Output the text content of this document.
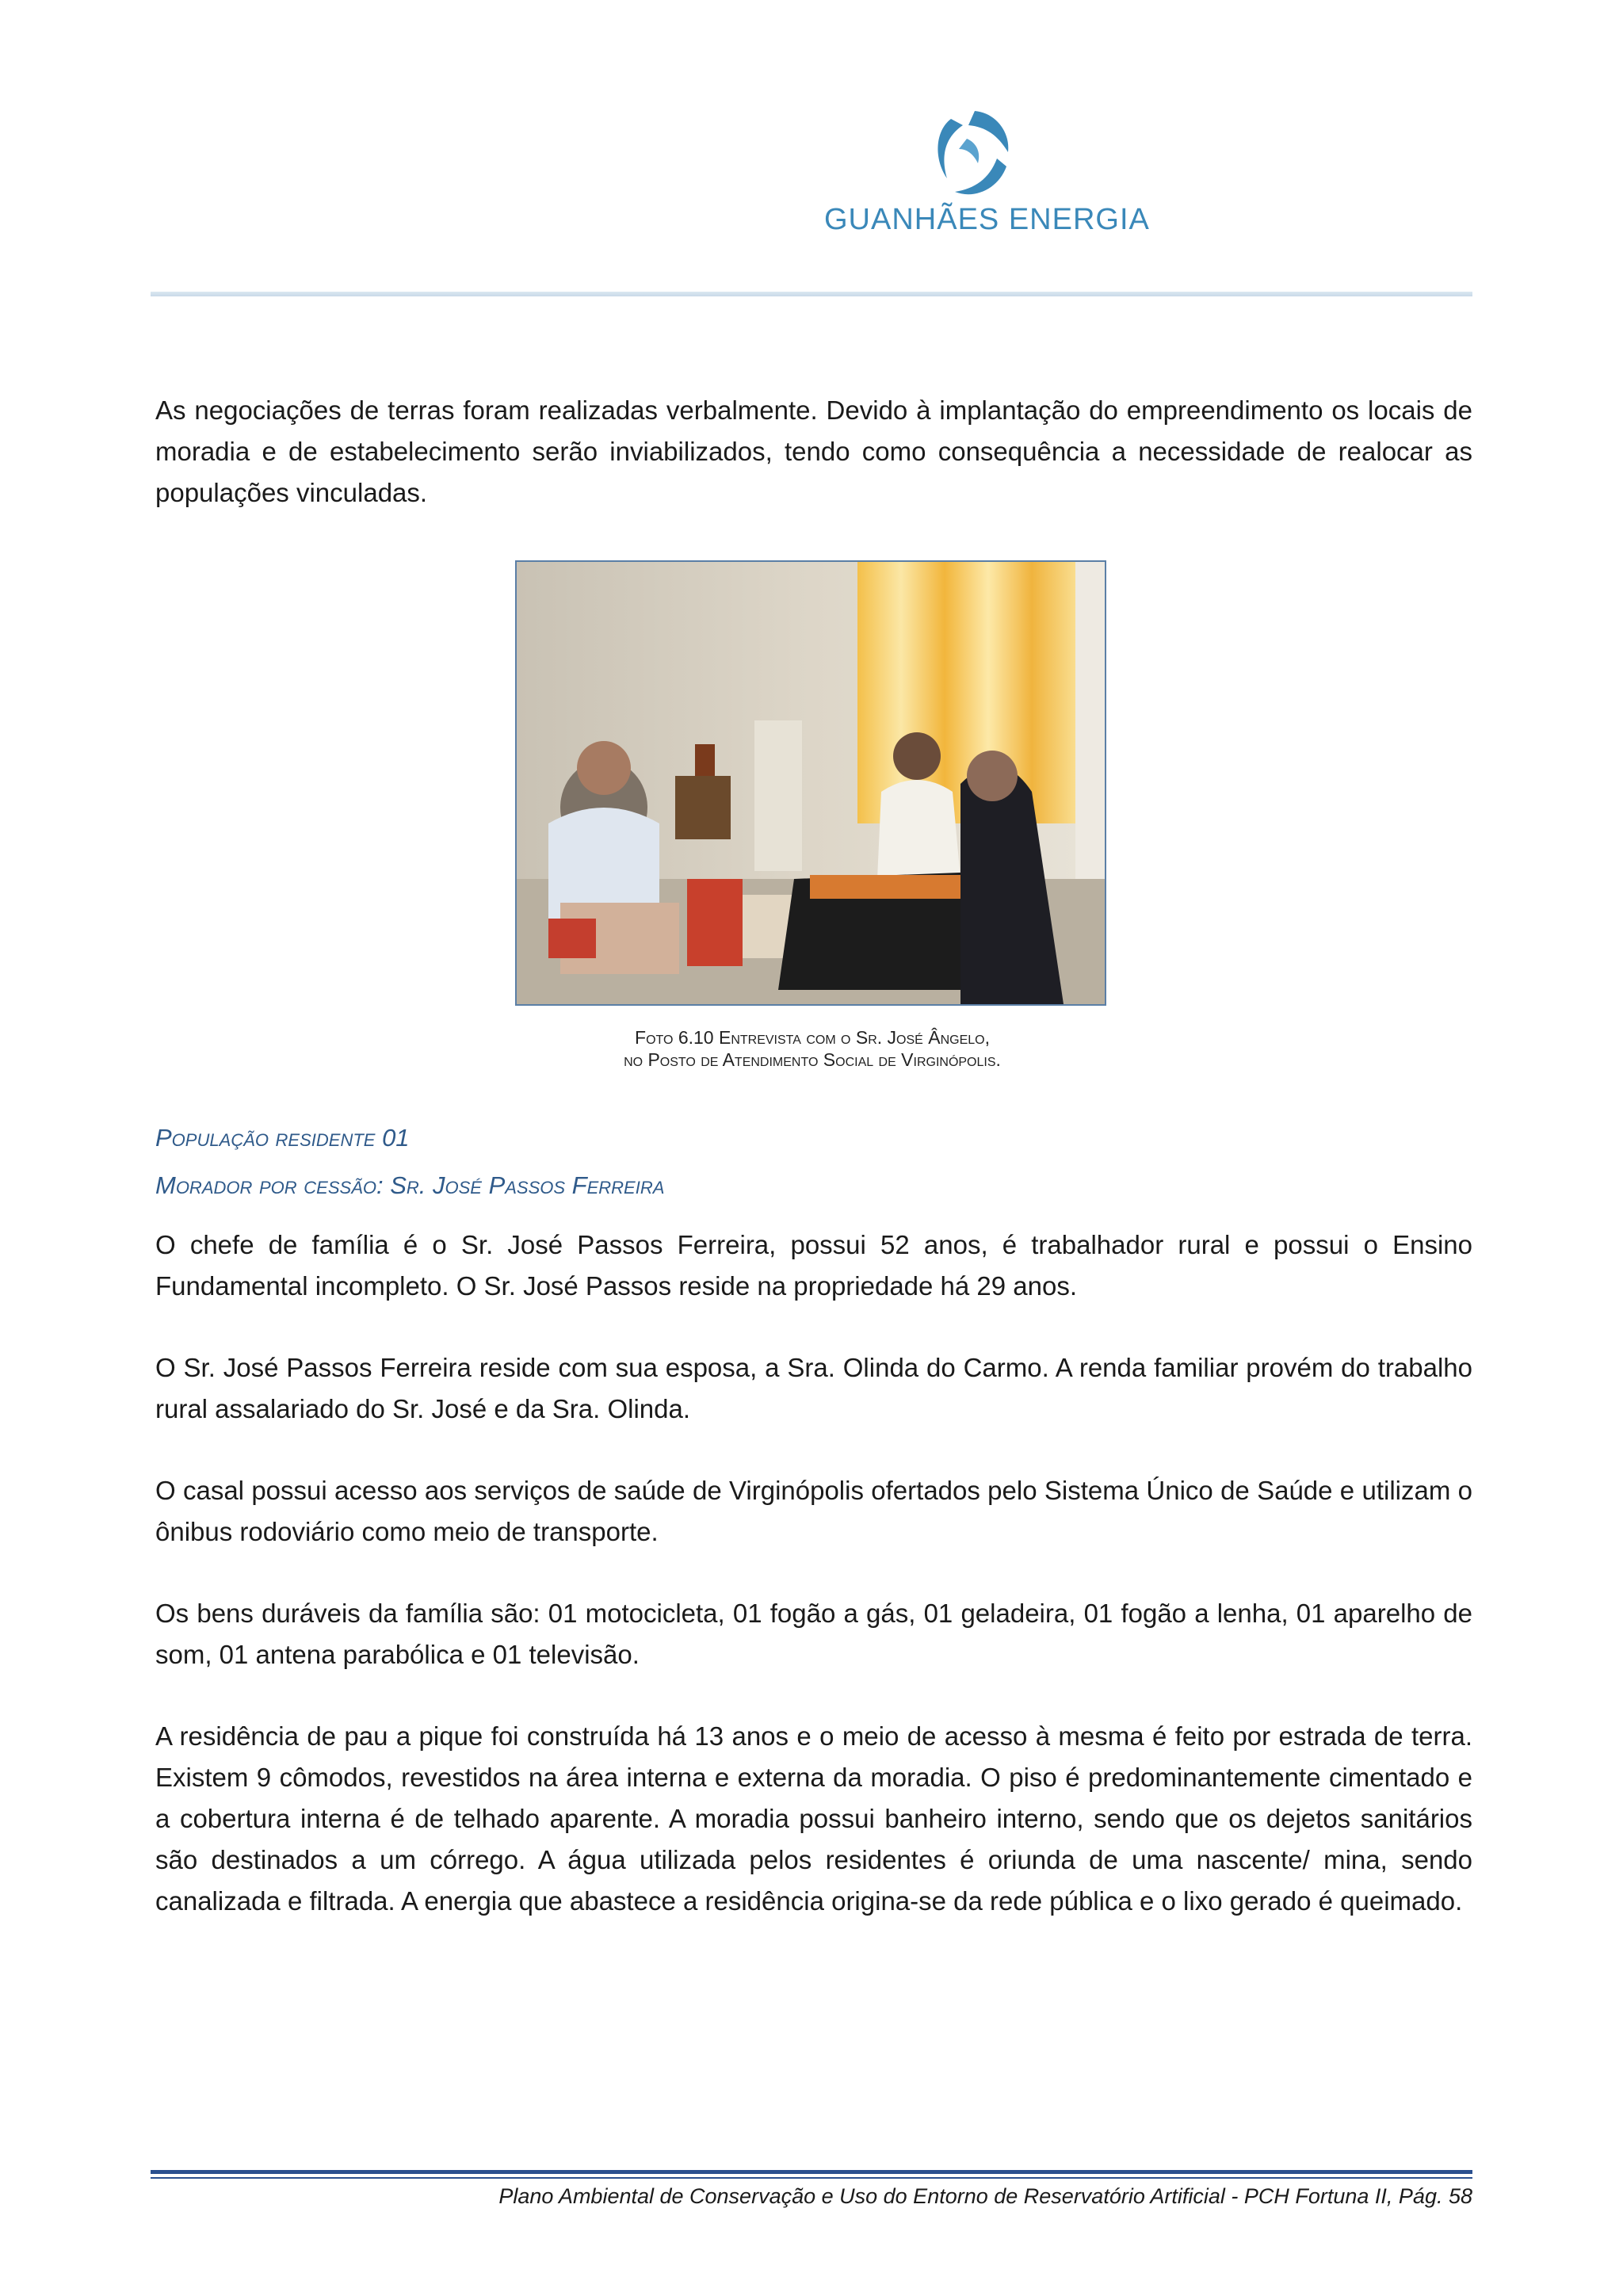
GUANHÃES ENERGIA
As negociações de terras foram realizadas verbalmente. Devido à implantação do empreendimento os locais de moradia e de estabelecimento serão inviabilizados, tendo como consequência a necessidade de realocar as populações vinculadas.
Foto 6.10 Entrevista com o Sr. José Ângelo,
no Posto de Atendimento Social de Virginópolis.
População residente 01
Morador por cessão: Sr. José Passos Ferreira
O chefe de família é o Sr. José Passos Ferreira, possui 52 anos, é trabalhador rural e possui o Ensino Fundamental incompleto. O Sr. José Passos reside na propriedade há 29 anos.
O Sr. José Passos Ferreira reside com sua esposa, a Sra. Olinda do Carmo. A renda familiar provém do trabalho rural assalariado do Sr. José e da Sra. Olinda.
O casal possui acesso aos serviços de saúde de Virginópolis ofertados pelo Sistema Único de Saúde e utilizam o ônibus rodoviário como meio de transporte.
Os bens duráveis da família são: 01 motocicleta, 01 fogão a gás, 01 geladeira, 01 fogão a lenha, 01 aparelho de som, 01 antena parabólica e 01 televisão.
A residência de pau a pique foi construída há 13 anos e o meio de acesso à mesma é feito por estrada de terra. Existem 9 cômodos, revestidos na área interna e externa da moradia. O piso é predominantemente cimentado e a cobertura interna é de telhado aparente. A moradia possui banheiro interno, sendo que os dejetos sanitários são destinados a um córrego. A água utilizada pelos residentes é oriunda de uma nascente/ mina, sendo canalizada e filtrada. A energia que abastece a residência origina-se da rede pública e o lixo gerado é queimado.
Plano Ambiental de Conservação e Uso do Entorno de Reservatório Artificial - PCH Fortuna II, Pág. 58
